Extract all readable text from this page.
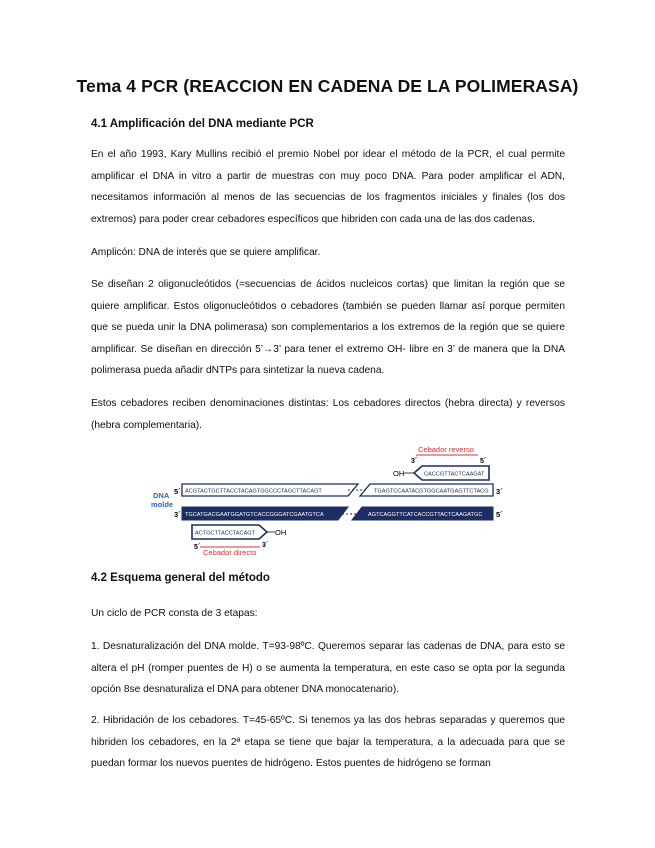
Tema 4 PCR (REACCION EN CADENA DE LA POLIMERASA)
4.1 Amplificación del DNA mediante PCR

En el año 1993, Kary Mullins recibió el premio Nobel por idear el método de la PCR, el cual permite amplificar el DNA in vitro a partir de muestras con muy poco DNA. Para poder amplificar el ADN, necesitamos información al menos de las secuencias de los fragmentos iniciales y finales (los dos extremos) para poder crear cebadores específicos que hibriden con cada una de las dos cadenas.

Amplicón: DNA de interés que se quiere amplificar.

Se diseñan 2 oligonucleótidos (=secuencias de ácidos nucleicos cortas) que limitan la región que se quiere amplificar. Estos oligonucleótidos o cebadores (también se pueden llamar así porque permiten que se pueda unir la DNA polimerasa) son complementarios a los extremos de la región que se quiere amplificar. Se diseñan en dirección 5’→3’ para tener el extremo OH- libre en 3’ de manera que la DNA polimerasa pueda añadir dNTPs para sintetizar la nueva cadena.

Estos cebadores reciben denominaciones distintas: Los cebadores directos (hebra directa) y reversos (hebra complementaria).

Cebador reverso
3´	5´
OH	CACCGTTACTCAAGAT
DNA
molde
5´ ACGTACTGCTTACCTACAGTGGCCCTAGCTTACAGT	TGAGTCCAATACGTGGCAATGAGTTCTACG 3´
3´ TGCATGACGAATGGATGTCACCGGGATCGAATGTCA	AGTCAGGTTCATCACCGTTACTCAAGATGC 5´
ACTGCTTACCTACAGT	OH
5´	3´
Cebador directo
4.2 Esquema general del método

Un ciclo de PCR consta de 3 etapas:

1. Desnaturalización del DNA molde. T=93-98ºC. Queremos separar las cadenas de DNA, para esto se altera el pH (romper puentes de H) o se aumenta la temperatura, en este caso se opta por la segunda opción 8se desnaturaliza el DNA para obtener DNA monocatenario).

2. Hibridación de los cebadores. T=45-65ºC. Si tenemos ya las dos hebras separadas y queremos que hibriden los cebadores, en la 2ª etapa se tiene que bajar la temperatura, a la adecuada para que se puedan formar los nuevos puentes de hidrógeno. Estos puentes de hidrógeno se forman
